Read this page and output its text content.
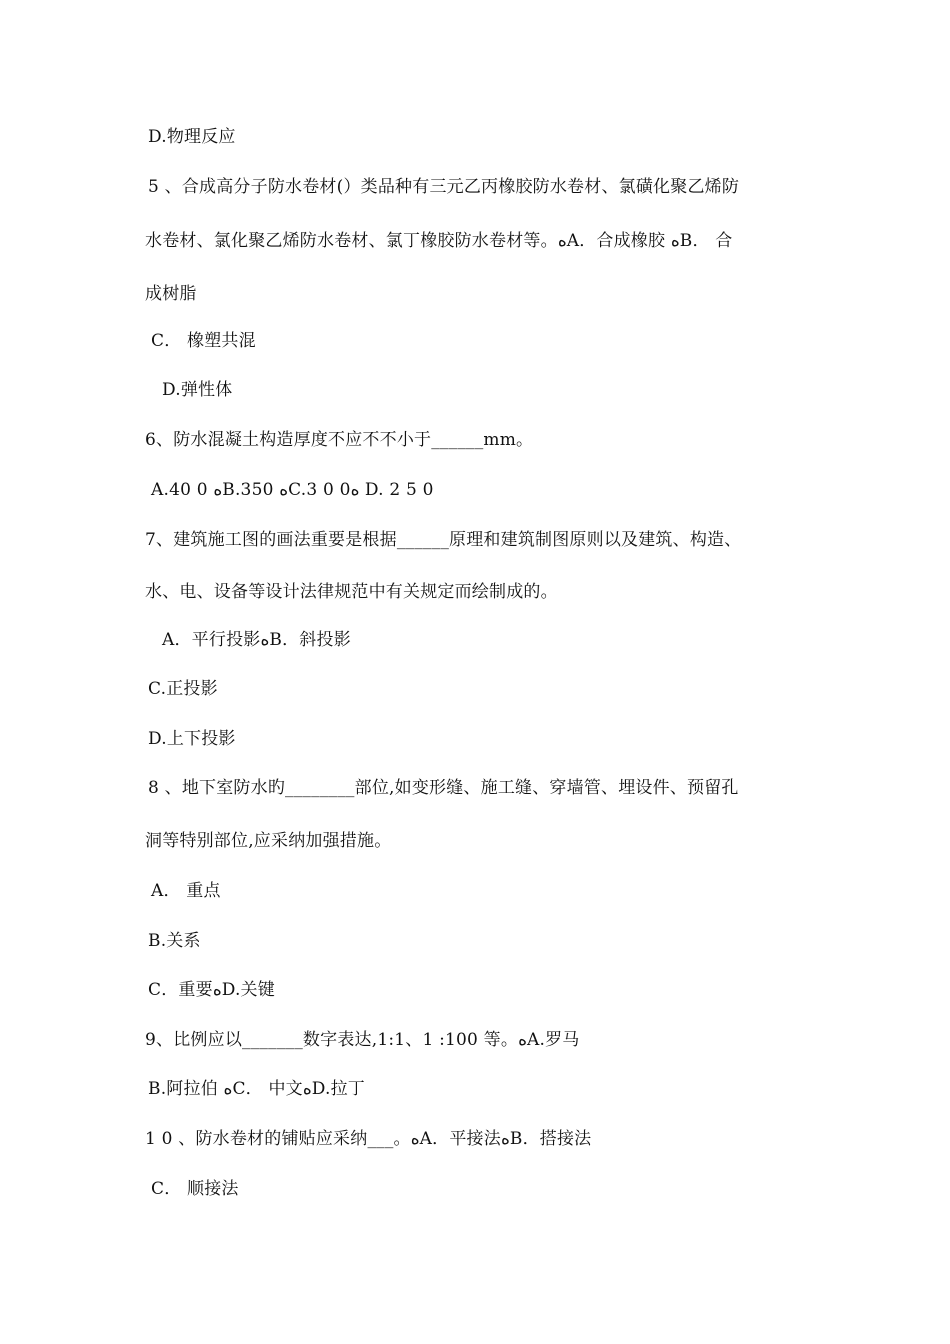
D.物理反应
5 、合成高分子防水卷材(）类品种有三元乙丙橡胶防水卷材、氯磺化聚乙烯防
水卷材、氯化聚乙烯防水卷材、氯丁橡胶防水卷材等。ﻩA．合成橡胶 ﻩB． 合
成树脂
C． 橡塑共混
D.弹性体
6、防水混凝土构造厚度不应不不小于______mm。
A.40 0 ﻩB.350 ﻩC.3 0 0ﻩ D. 2 5 0
7、建筑施工图的画法重要是根据______原理和建筑制图原则以及建筑、构造、
水、电、设备等设计法律规范中有关规定而绘制成的。
A．平行投影ﻩB．斜投影
C.正投影
D.上下投影
8 、地下室防水旳________部位,如变形缝、施工缝、穿墙管、埋设件、预留孔
洞等特别部位,应采纳加强措施。
A． 重点
B.关系
C．重要ﻩD.关键
9、比例应以_______数字表达,1:1、1 :100 等。ﻩA.罗马
B.阿拉伯 ﻩC． 中文ﻩD.拉丁
1 0 、防水卷材的铺贴应采纳___。ﻩA．平接法ﻩB．搭接法
C． 顺接法
